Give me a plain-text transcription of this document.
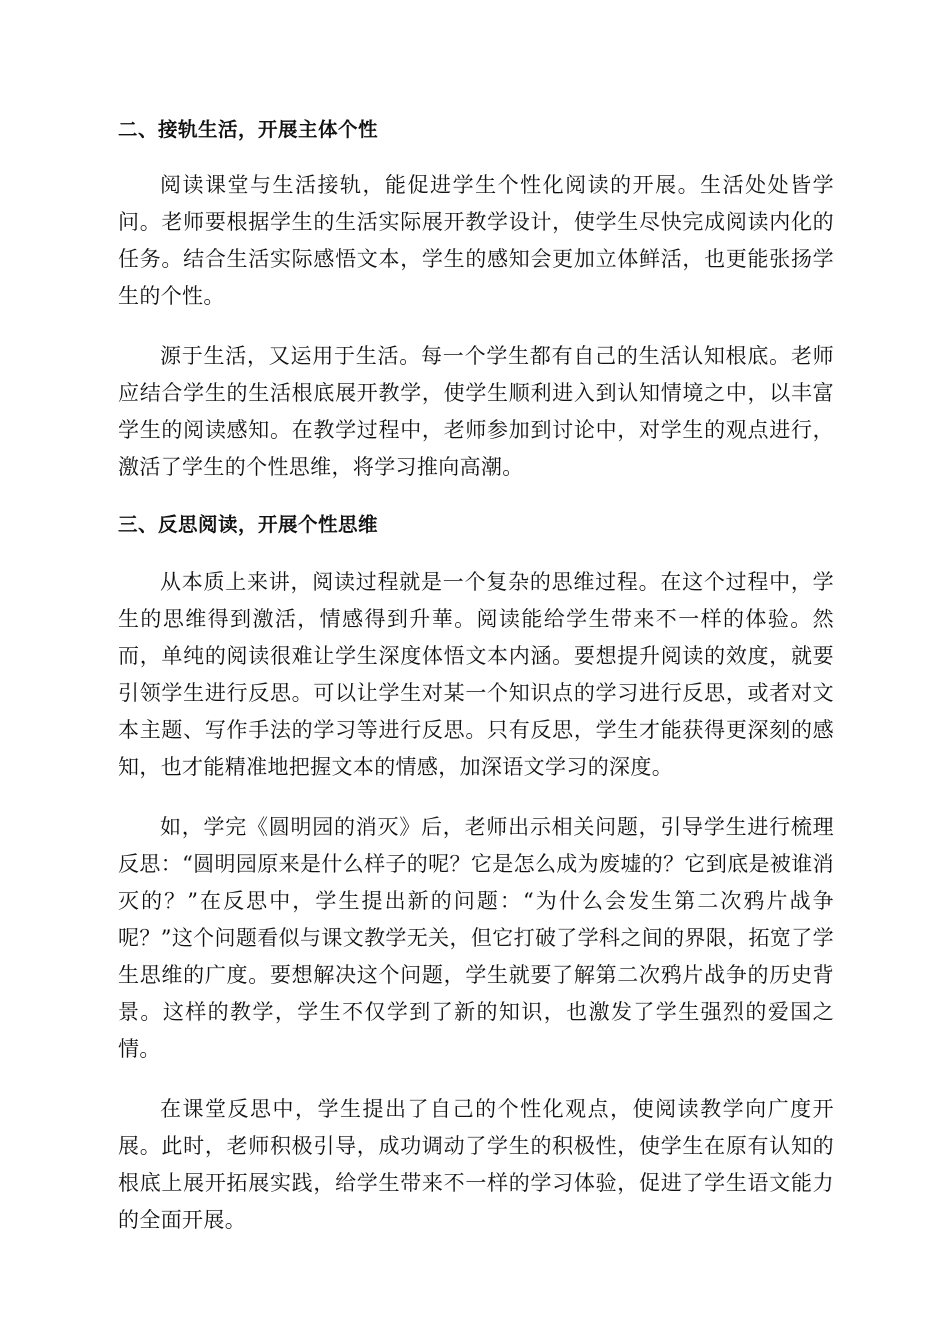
二、接轨生活，开展主体个性

阅读课堂与生活接轨，能促进学生个性化阅读的开展。生活处处皆学问。老师要根据学生的生活实际展开教学设计，使学生尽快完成阅读内化的任务。结合生活实际感悟文本，学生的感知会更加立体鲜活，也更能张扬学生的个性。

源于生活，又运用于生活。每一个学生都有自己的生活认知根底。老师应结合学生的生活根底展开教学，使学生顺利进入到认知情境之中，以丰富学生的阅读感知。在教学过程中，老师参加到讨论中，对学生的观点进行，激活了学生的个性思维，将学习推向高潮。

三、反思阅读，开展个性思维

从本质上来讲，阅读过程就是一个复杂的思维过程。在这个过程中，学生的思维得到激活，情感得到升華。阅读能给学生带来不一样的体验。然而，单纯的阅读很难让学生深度体悟文本内涵。要想提升阅读的效度，就要引领学生进行反思。可以让学生对某一个知识点的学习进行反思，或者对文本主题、写作手法的学习等进行反思。只有反思，学生才能获得更深刻的感知，也才能精准地把握文本的情感，加深语文学习的深度。

如，学完《圆明园的消灭》后，老师出示相关问题，引导学生进行梳理反思：“圆明园原来是什么样子的呢？它是怎么成为废墟的？它到底是被谁消灭的？”在反思中，学生提出新的问题：“为什么会发生第二次鸦片战争呢？”这个问题看似与课文教学无关，但它打破了学科之间的界限，拓宽了学生思维的广度。要想解决这个问题，学生就要了解第二次鸦片战争的历史背景。这样的教学，学生不仅学到了新的知识，也激发了学生强烈的爱国之情。

在课堂反思中，学生提出了自己的个性化观点，使阅读教学向广度开展。此时，老师积极引导，成功调动了学生的积极性，使学生在原有认知的根底上展开拓展实践，给学生带来不一样的学习体验，促进了学生语文能力的全面开展。
